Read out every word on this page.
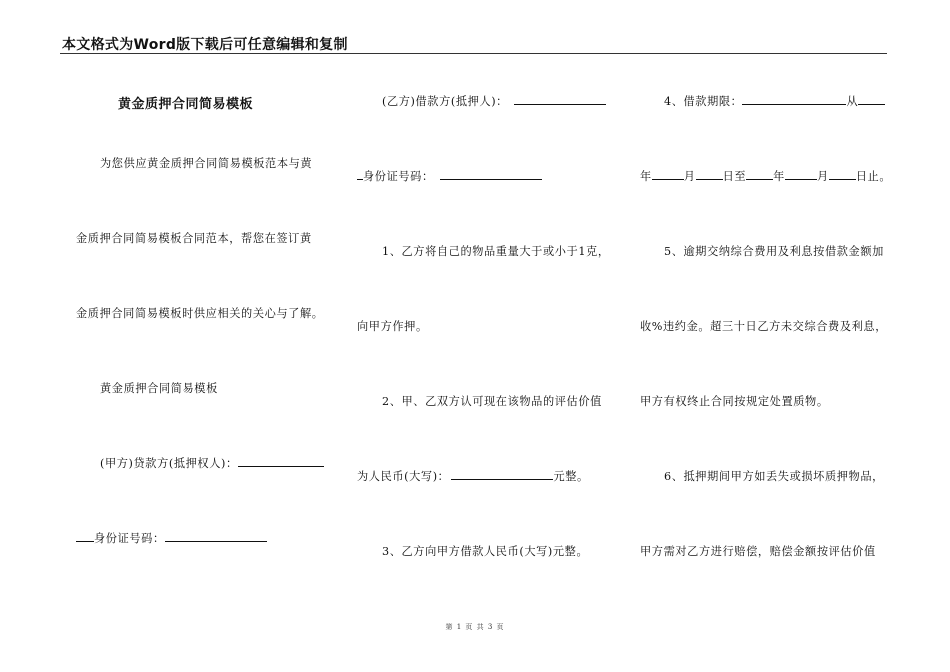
本文格式为Word版下载后可任意编辑和复制
黄金质押合同简易模板
为您供应黄金质押合同简易模板范本与黄
金质押合同简易模板合同范本，帮您在签订黄
金质押合同简易模板时供应相关的关心与了解。
黄金质押合同简易模板
(甲方)贷款方(抵押权人)：
身份证号码：
(乙方)借款方(抵押人)：
身份证号码：
1、乙方将自己的物品重量大于或小于1克，
向甲方作押。
2、甲、乙双方认可现在该物品的评估价值
为人民币(大写)：	元整。
3、乙方向甲方借款人民币(大写)元整。
4、借款期限：	从
年	月 日至 年	月 日止。
5、逾期交纳综合费用及利息按借款金额加
收%违约金。超三十日乙方未交综合费及利息，
甲方有权终止合同按规定处置质物。
6、抵押期间甲方如丢失或损坏质押物品，
甲方需对乙方进行赔偿，赔偿金额按评估价值
第 1 页 共 3 页
